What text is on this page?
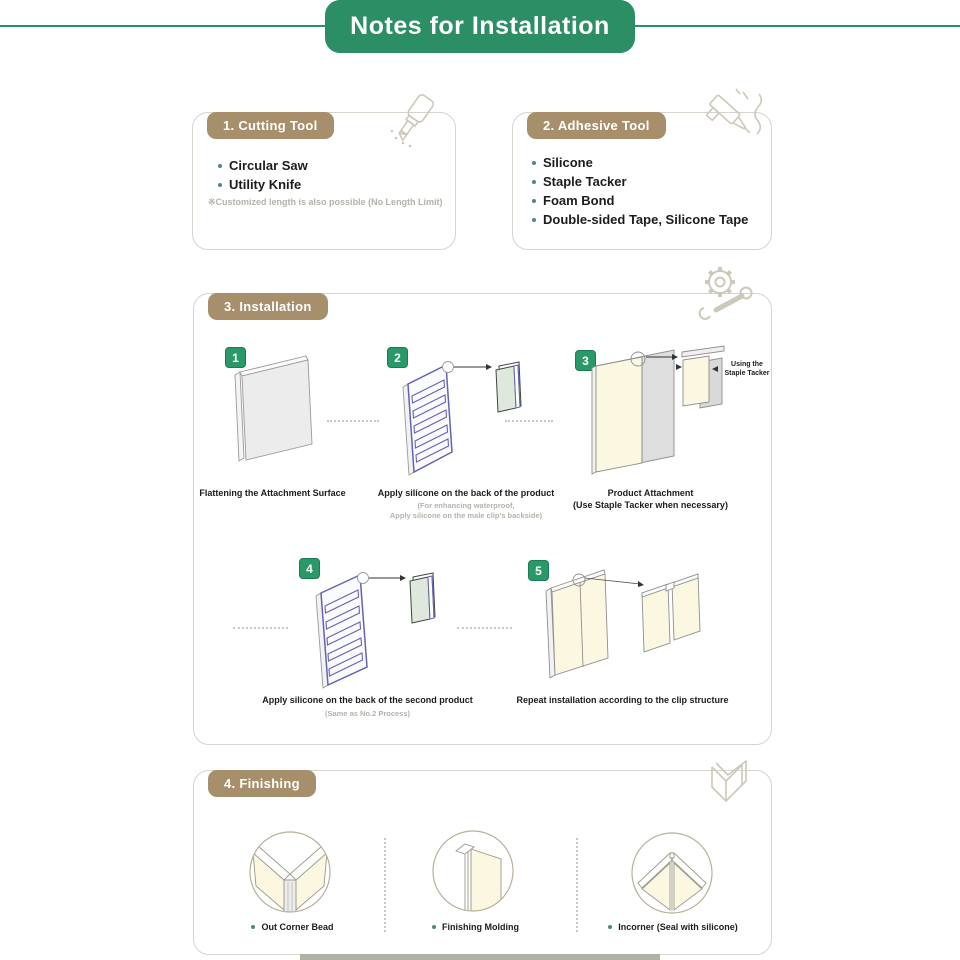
Notes for Installation
1. Cutting Tool
Circular Saw
Utility Knife
※Customized length is also possible (No Length Limit)
2. Adhesive Tool
Silicone
Staple Tacker
Foam Bond
Double-sided Tape, Silicone Tape
3. Installation
1	2	3	Using the
Staple Tacker
Flattening the Attachment Surface	Apply silicone on the back of the product
(For enhancing waterproof,
Apply silicone on the male clip's backside)
Product Attachment
(Use Staple Tacker when necessary)
4	5
Apply silicone on the back of the second product
(Same as No.2 Process)
Repeat installation according to the clip structure
4. Finishing
Out Corner Bead	Finishing Molding	Incorner (Seal with silicone)
